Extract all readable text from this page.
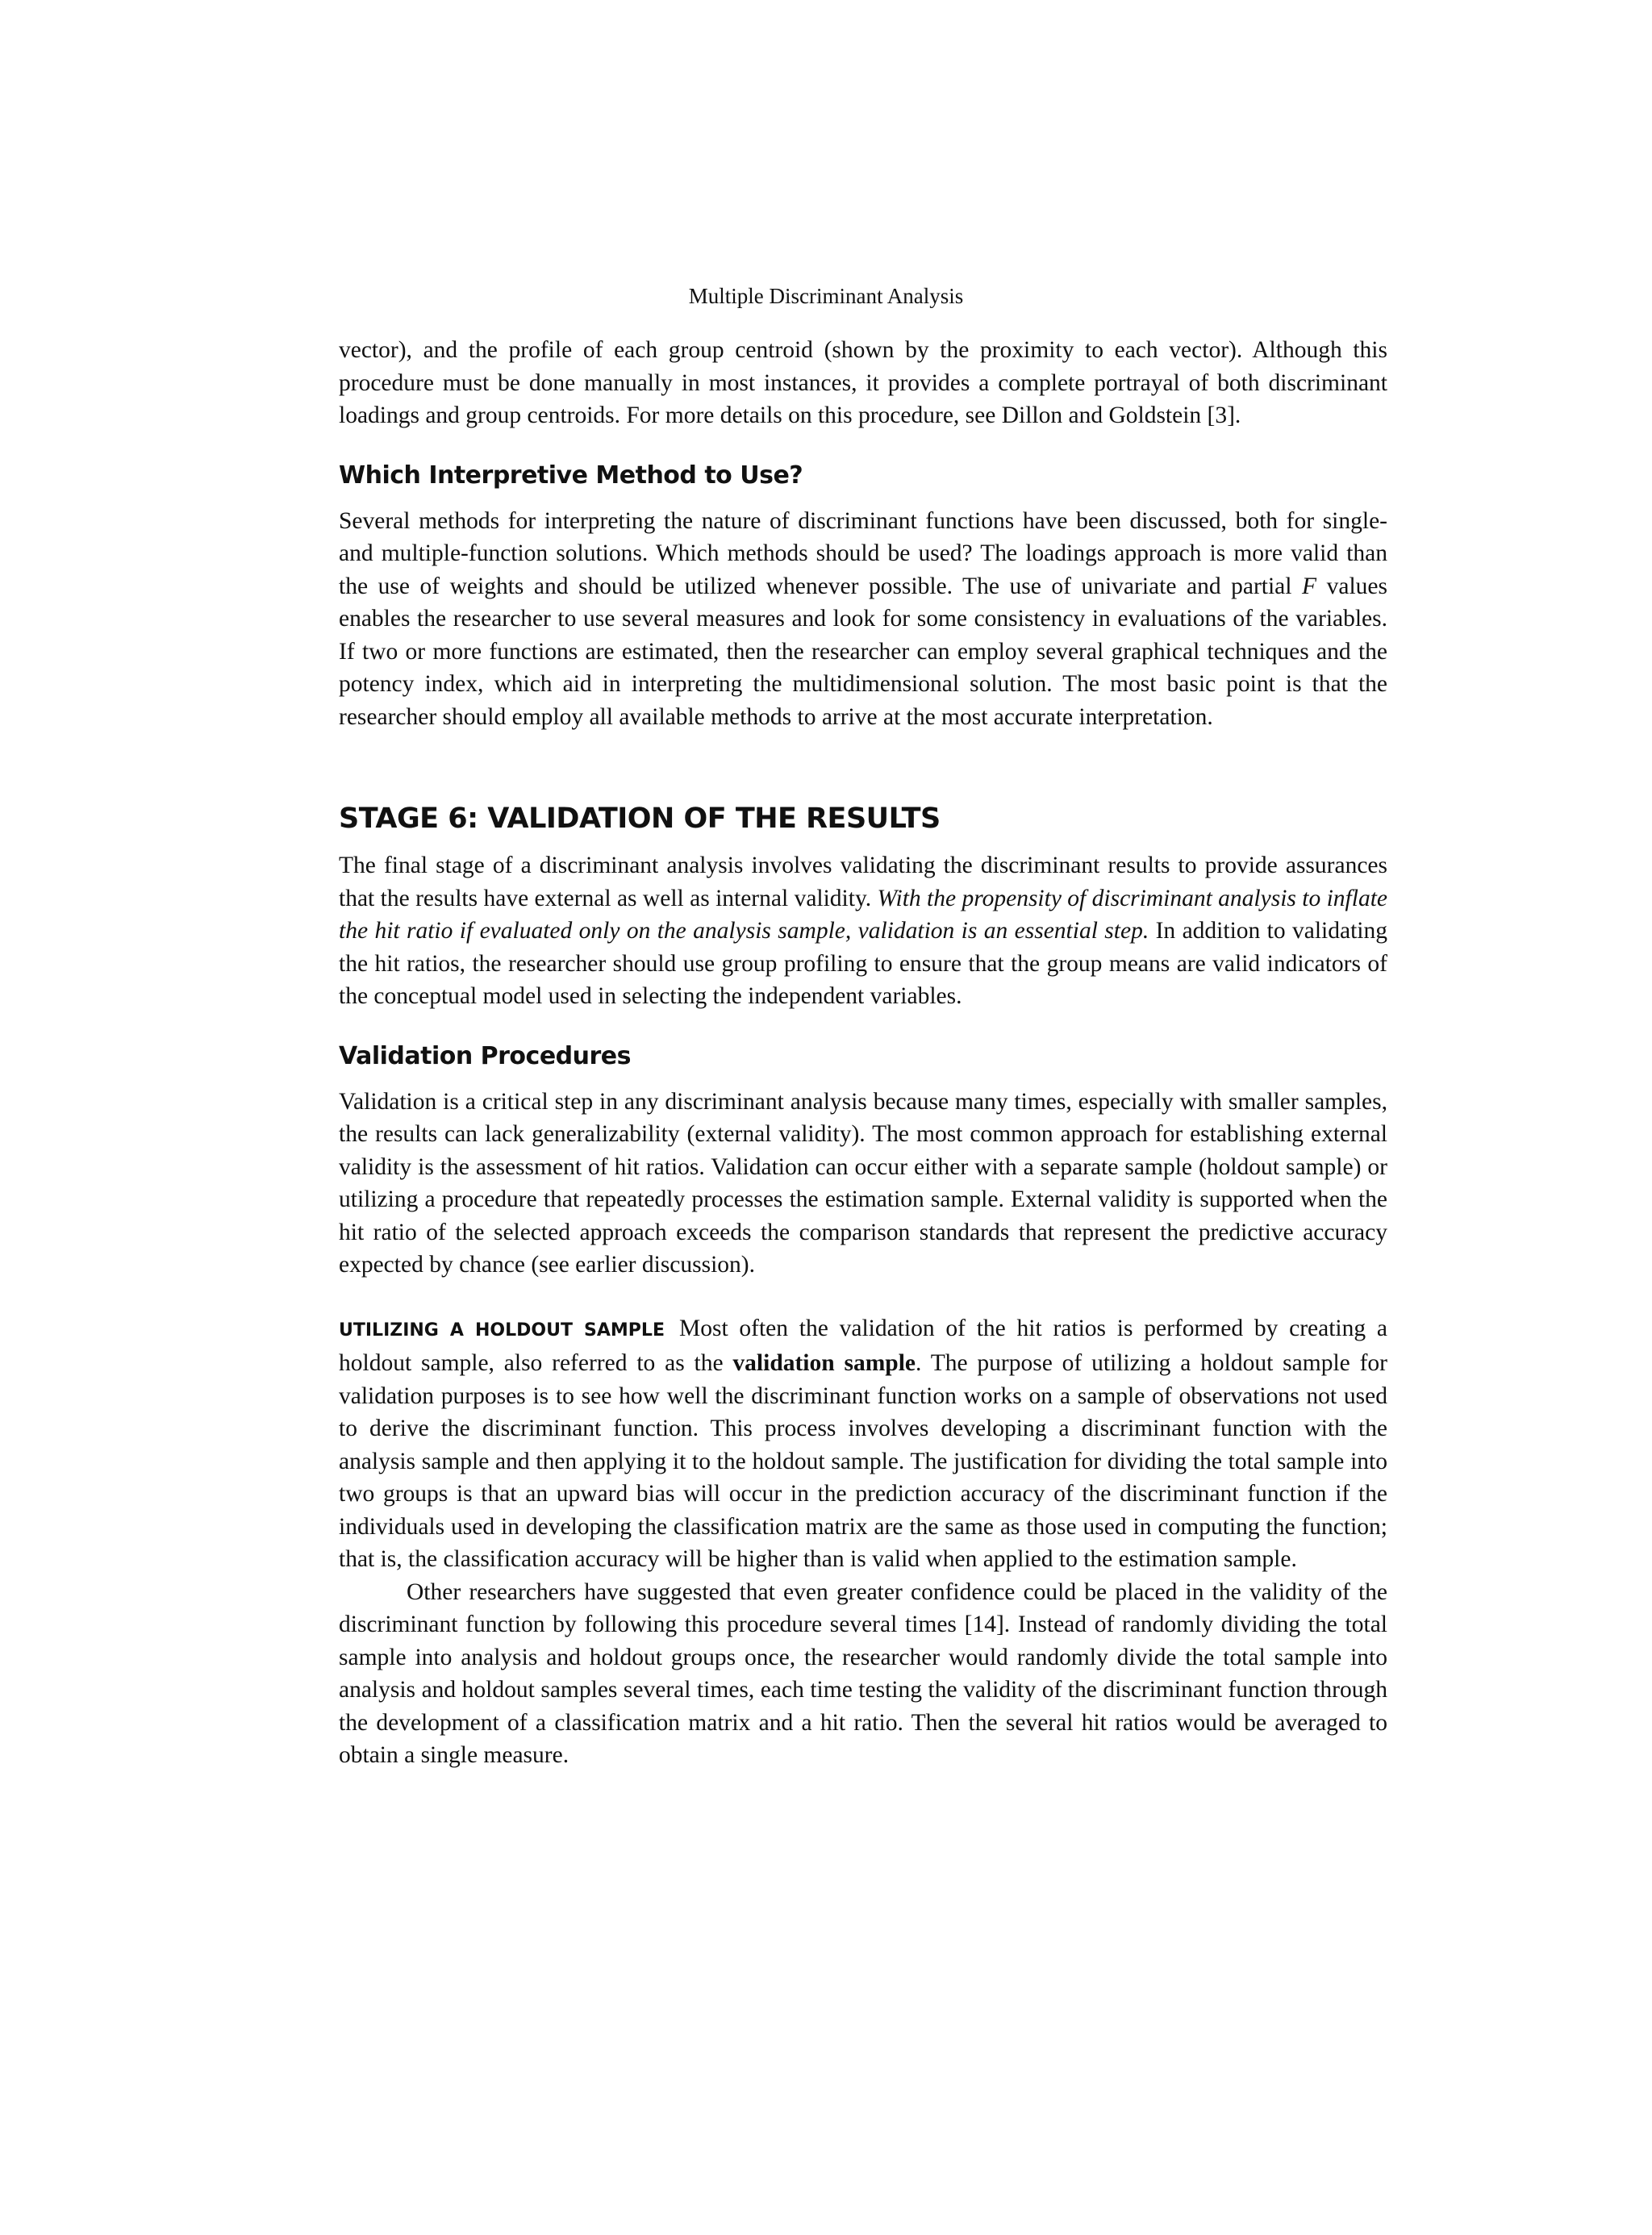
Multiple Discriminant Analysis

vector), and the profile of each group centroid (shown by the proximity to each vector). Although this procedure must be done manually in most instances, it provides a complete portrayal of both discriminant loadings and group centroids. For more details on this procedure, see Dillon and Goldstein [3].

Which Interpretive Method to Use?

Several methods for interpreting the nature of discriminant functions have been discussed, both for single- and multiple-function solutions. Which methods should be used? The loadings approach is more valid than the use of weights and should be utilized whenever possible. The use of univariate and partial F values enables the researcher to use several measures and look for some consistency in evaluations of the variables. If two or more functions are estimated, then the researcher can employ several graphical techniques and the potency index, which aid in interpreting the multidimensional solution. The most basic point is that the researcher should employ all available methods to arrive at the most accurate interpretation.

STAGE 6: VALIDATION OF THE RESULTS

The final stage of a discriminant analysis involves validating the discriminant results to provide assurances that the results have external as well as internal validity. With the propensity of discriminant analysis to inflate the hit ratio if evaluated only on the analysis sample, validation is an essential step. In addition to validating the hit ratios, the researcher should use group profiling to ensure that the group means are valid indicators of the conceptual model used in selecting the independent variables.

Validation Procedures

Validation is a critical step in any discriminant analysis because many times, especially with smaller samples, the results can lack generalizability (external validity). The most common approach for establishing external validity is the assessment of hit ratios. Validation can occur either with a separate sample (holdout sample) or utilizing a procedure that repeatedly processes the estimation sample. External validity is supported when the hit ratio of the selected approach exceeds the comparison standards that represent the predictive accuracy expected by chance (see earlier discussion).

UTILIZING A HOLDOUT SAMPLE Most often the validation of the hit ratios is performed by creating a holdout sample, also referred to as the validation sample. The purpose of utilizing a holdout sample for validation purposes is to see how well the discriminant function works on a sample of observations not used to derive the discriminant function. This process involves developing a discriminant function with the analysis sample and then applying it to the holdout sample. The justification for dividing the total sample into two groups is that an upward bias will occur in the prediction accuracy of the discriminant function if the individuals used in developing the classification matrix are the same as those used in computing the function; that is, the classification accuracy will be higher than is valid when applied to the estimation sample.

Other researchers have suggested that even greater confidence could be placed in the validity of the discriminant function by following this procedure several times [14]. Instead of randomly dividing the total sample into analysis and holdout groups once, the researcher would randomly divide the total sample into analysis and holdout samples several times, each time testing the validity of the discriminant function through the development of a classification matrix and a hit ratio. Then the several hit ratios would be averaged to obtain a single measure.
